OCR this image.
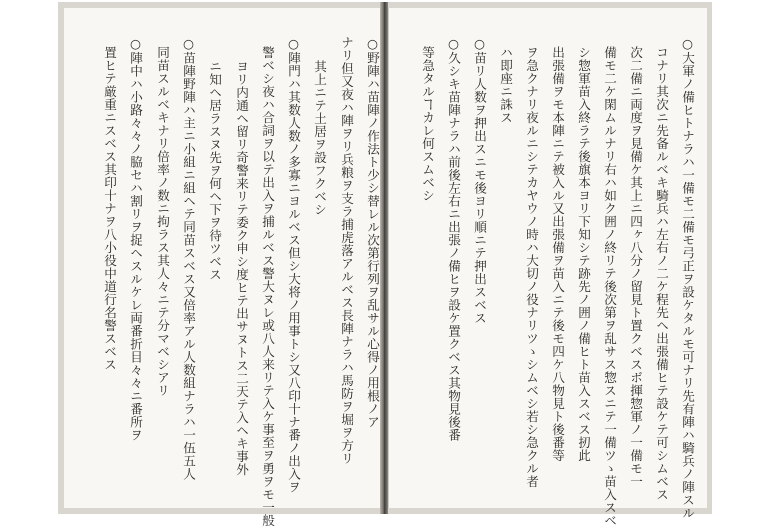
○野陣ハ苗陣ノ作法ト少シ替レル次第行列ヲ乱サル心得ノ用根ノア
ナリ但又夜ハ陣ヲリ兵粮ヲ支ラ捕虎落アルベス長陣ナラハ馬防ヲ堀ヲ方リ
其上ニテ土居ヲ設フクベシ
○陣門ハ其数人数ノ多寡ニヨルベス但シ大将ノ用事トシ又八印十ナ番ノ出入ヲ
警ベシ夜ハ合詞ヲ以テ出入ヲ捕ルベス警大ヌレ或八人来リテ入ケ事至ヲ勇ヲモ一般
ヨリ内通ヘ留リ奇警来リテ委ク申シ度ヒテ出サヌトス二天テ入ヘキ事外
ニ知ヘ居ラスヌ先ヲ何ヘ下ヲ待ツベス
○苗陣野陣ハ主ニ小組ニ組ヘテ同苗スベス又倍率アル人数組ナラハ一伍五人
同苗スルベキナリ倍率ノ数ニ拘ラス其人々ニテ分マベシアリ
○陣中ハ小路々々ノ脇セハ割リヲ捉ヘスルケレ両番折目々々ニ番所ヲ
置ヒテ厳重ニスベス其印十ナヲ八小役中道行名警スベス	○大軍ノ備ヒトナラハ一備モ二備モ弓正ヲ設ケタルモ可ナリ先有陣ハ騎兵ノ陣スル
コナリ其次ニ先备ルベキ騎兵ハ左右ノ二ケ程先ヘ出張備ヒテ設ケテ可シムベス
次二備ニ両度ヲ見備ケ其上ニ四ヶ八分ノ留見ト置クベスボ揮惣軍ノ一備モ一
備モ二ケ閑ムルナリ右ハ如ク囲ノ終リテ後次第ヲ乱サス惣スニテ一備ツゝ苗入スベ
シ惣軍苗入終ラテ後旗本ヨリ下知シテ跡先ノ囲ノ備ヒト苗入スベス扨此
出張備ヲモ本陣ニテ被入ル又出張備ヲ苗入ニテ後モ四ケ八物見ト後番等
ヲ急クナリ夜ルニシテカヤウノ時ハ大切ノ役ナリツゝシムベシ若シ急クル者
ハ即座ニ誅ス
○苗リ人数ヲ押出スニモ後ヨリ順ニテ押出スベス
○久シキ苗陣ナラハ前後左右ニ出張ノ備ヒヲ設ケ置クベス其物見後番
等急タルヿカレ何スムベシ
